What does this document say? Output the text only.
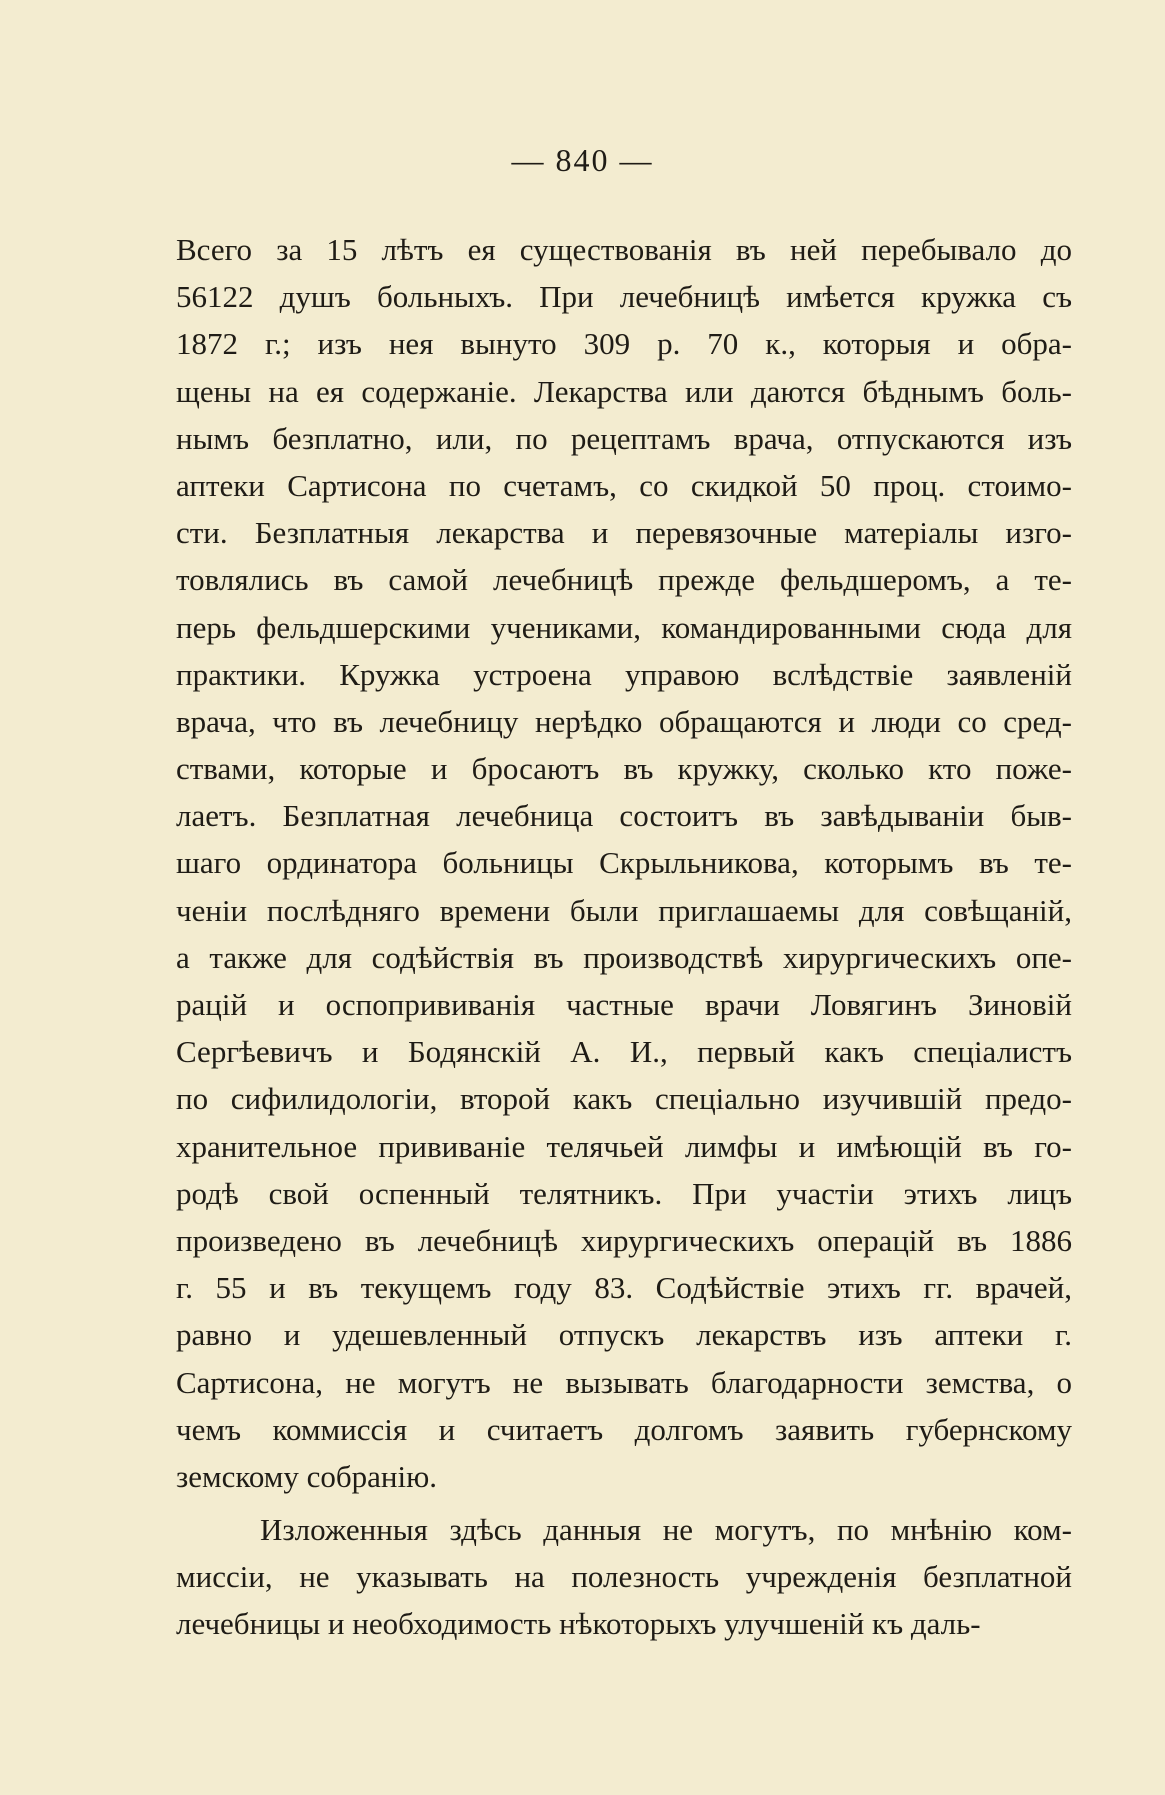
— 840 —
Всего за 15 лѣтъ ея существованія въ ней перебывало до
56122 душъ больныхъ. При лечебницѣ имѣется кружка съ
1872 г.; изъ нея вынуто 309 р. 70 к., которыя и обра-
щены на ея содержаніе. Лекарства или даются бѣднымъ боль-
нымъ безплатно, или, по рецептамъ врача, отпускаются изъ
аптеки Сартисона по счетамъ, со скидкой 50 проц. стоимо-
сти. Безплатныя лекарства и перевязочные матеріалы изго-
товлялись въ самой лечебницѣ прежде фельдшеромъ, а те-
перь фельдшерскими учениками, командированными сюда для
практики. Кружка устроена управою вслѣдствіе заявленій
врача, что въ лечебницу нерѣдко обращаются и люди со сред-
ствами, которые и бросаютъ въ кружку, сколько кто поже-
лаетъ. Безплатная лечебница состоитъ въ завѣдываніи быв-
шаго ординатора больницы Скрыльникова, которымъ въ те-
ченіи послѣдняго времени были приглашаемы для совѣщаній,
а также для содѣйствія въ производствѣ хирургическихъ опе-
рацій и оспопрививанія частные врачи Ловягинъ Зиновій
Сергѣевичъ и Бодянскій А. И., первый какъ спеціалистъ
по сифилидологіи, второй какъ спеціально изучившій предо-
хранительное прививаніе телячьей лимфы и имѣющій въ го-
родѣ свой оспенный телятникъ. При участіи этихъ лицъ
произведено въ лечебницѣ хирургическихъ операцій въ 1886
г. 55 и въ текущемъ году 83. Содѣйствіе этихъ гг. врачей,
равно и удешевленный отпускъ лекарствъ изъ аптеки г.
Сартисона, не могутъ не вызывать благодарности земства, о
чемъ коммиссія и считаетъ долгомъ заявить губернскому
земскому собранію.
Изложенныя здѣсь данныя не могутъ, по мнѣнію ком-
миссіи, не указывать на полезность учрежденія безплатной
лечебницы и необходимость нѣкоторыхъ улучшеній къ даль-
